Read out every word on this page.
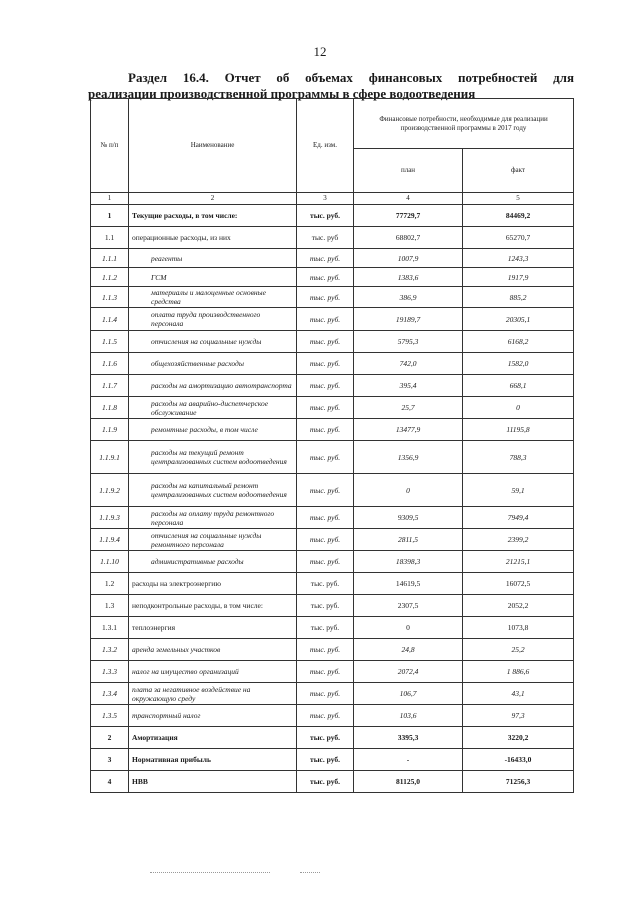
12
Раздел 16.4. Отчет об объемах финансовых потребностей для
реализации производственной программы в сфере водоотведения
№ п/п	Наименование	Ед. изм.	Финансовые потребности, необходимые для реализации производственной программы в 2017 году	
			план	факт
1	2	3	4	5
1	Текущие расходы, в том числе:	тыс. руб.	77729,7	84469,2
1.1	операционные расходы, из них	тыс. руб	68802,7	65270,7
1.1.1	реагенты	тыс. руб.	1007,9	1243,3
1.1.2	ГСМ	тыс. руб.	1383,6	1917,9
1.1.3	материалы и малоценные основные средства	тыс. руб.	386,9	885,2
1.1.4	оплата труда производственного персонала	тыс. руб.	19189,7	20305,1
1.1.5	отчисления на социальные нужды	тыс. руб.	5795,3	6168,2
1.1.6	общехозяйственные расходы	тыс. руб.	742,0	1582,0
1.1.7	расходы на амортизацию автотранспорта	тыс. руб.	395,4	668,1
1.1.8	расходы на аварийно-диспетчерское обслуживание	тыс. руб.	25,7	0
1.1.9	ремонтные расходы, в том числе	тыс. руб.	13477,9	11195,8
1.1.9.1	расходы на текущий ремонт централизованных систем водоотведения	тыс. руб.	1356,9	788,3
1.1.9.2	расходы на капитальный ремонт централизованных систем водоотведения	тыс. руб.	0	59,1
1.1.9.3	расходы на оплату труда ремонтного персонала	тыс. руб.	9309,5	7949,4
1.1.9.4	отчисления на социальные нужды ремонтного персонала	тыс. руб.	2811,5	2399,2
1.1.10	административные расходы	тыс. руб.	18398,3	21215,1
1.2	расходы на электроэнергию	тыс. руб.	14619,5	16072,5
1.3	неподконтрольные расходы, в том числе:	тыс. руб.	2307,5	2052,2
1.3.1	теплоэнергия	тыс. руб.	0	1073,8
1.3.2	аренда земельных участков	тыс. руб.	24,8	25,2
1.3.3	налог на имущество организаций	тыс. руб.	2072,4	1 886,6
1.3.4	плата за негативное воздействие на окружающую среду	тыс. руб.	106,7	43,1
1.3.5	транспортный налог	тыс. руб.	103,6	97,3
2	Амортизация	тыс. руб.	3395,3	3220,2
3	Нормативная прибыль	тыс. руб.	-	-16433,0
4	НВВ	тыс. руб.	81125,0	71256,3
